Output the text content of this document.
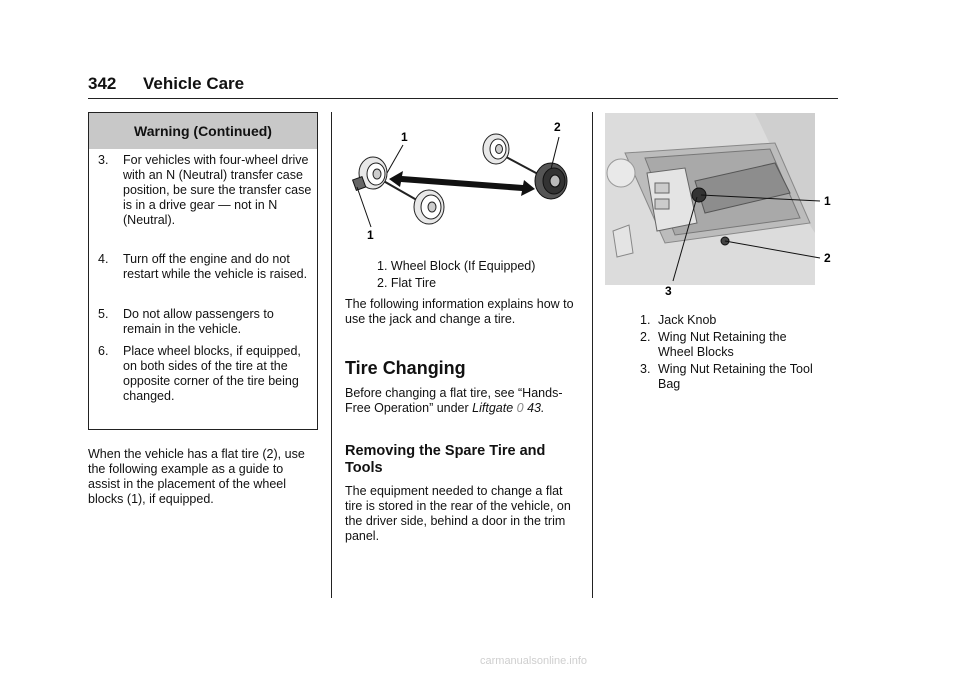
342 Vehicle Care
Warning (Continued)
3.	For vehicles with four-wheel drive with an N (Neutral) transfer case position, be sure the transfer case is in a drive gear — not in N (Neutral).
4.	Turn off the engine and do not restart while the vehicle is raised.
5.	Do not allow passengers to remain in the vehicle.
6.	Place wheel blocks, if equipped, on both sides of the tire at the opposite corner of the tire being changed.
When the vehicle has a flat tire (2), use the following example as a guide to assist in the placement of the wheel blocks (1), if equipped.
1
1
2
1. Wheel Block (If Equipped)
2. Flat Tire
The following information explains how to use the jack and change a tire.
Tire Changing
Before changing a flat tire, see “Hands-Free Operation” under Liftgate 0 43.
Removing the Spare Tire and Tools
The equipment needed to change a flat tire is stored in the rear of the vehicle, on the driver side, behind a door in the trim panel.
1
2
3
1. Jack Knob
2. Wing Nut Retaining the Wheel Blocks
3. Wing Nut Retaining the Tool Bag
carmanualsonline.info
